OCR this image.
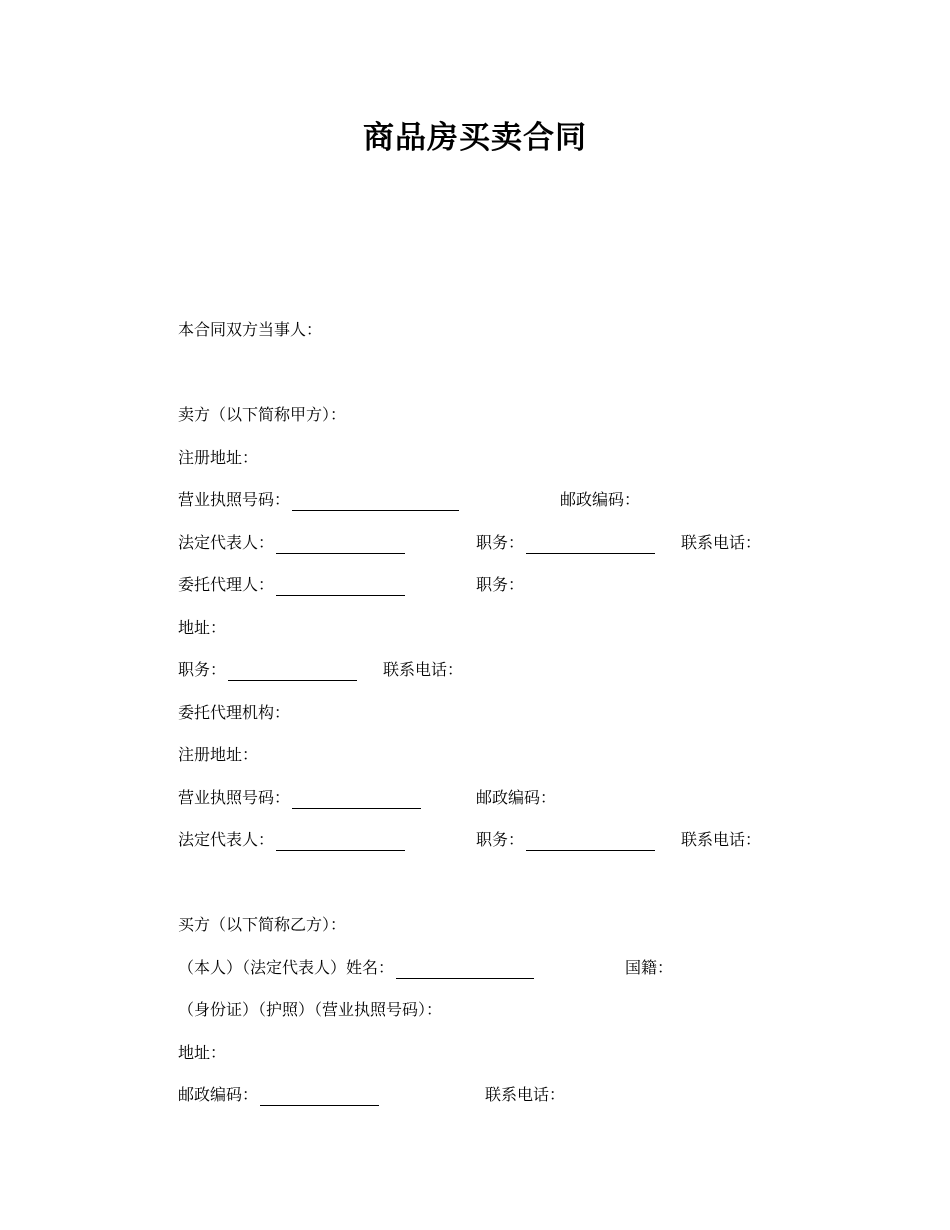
商品房买卖合同
本合同双方当事人：
卖方（以下简称甲方）：
注册地址：
营业执照号码：	邮政编码：
法定代表人：	职务：	联系电话：
委托代理人：	职务：
地址：
职务：	联系电话：
委托代理机构：
注册地址：
营业执照号码：	邮政编码：
法定代表人：	职务：	联系电话：
买方（以下简称乙方）：
（本人）（法定代表人）姓名：	国籍：
（身份证）（护照）（营业执照号码）：
地址：
邮政编码：	联系电话：
